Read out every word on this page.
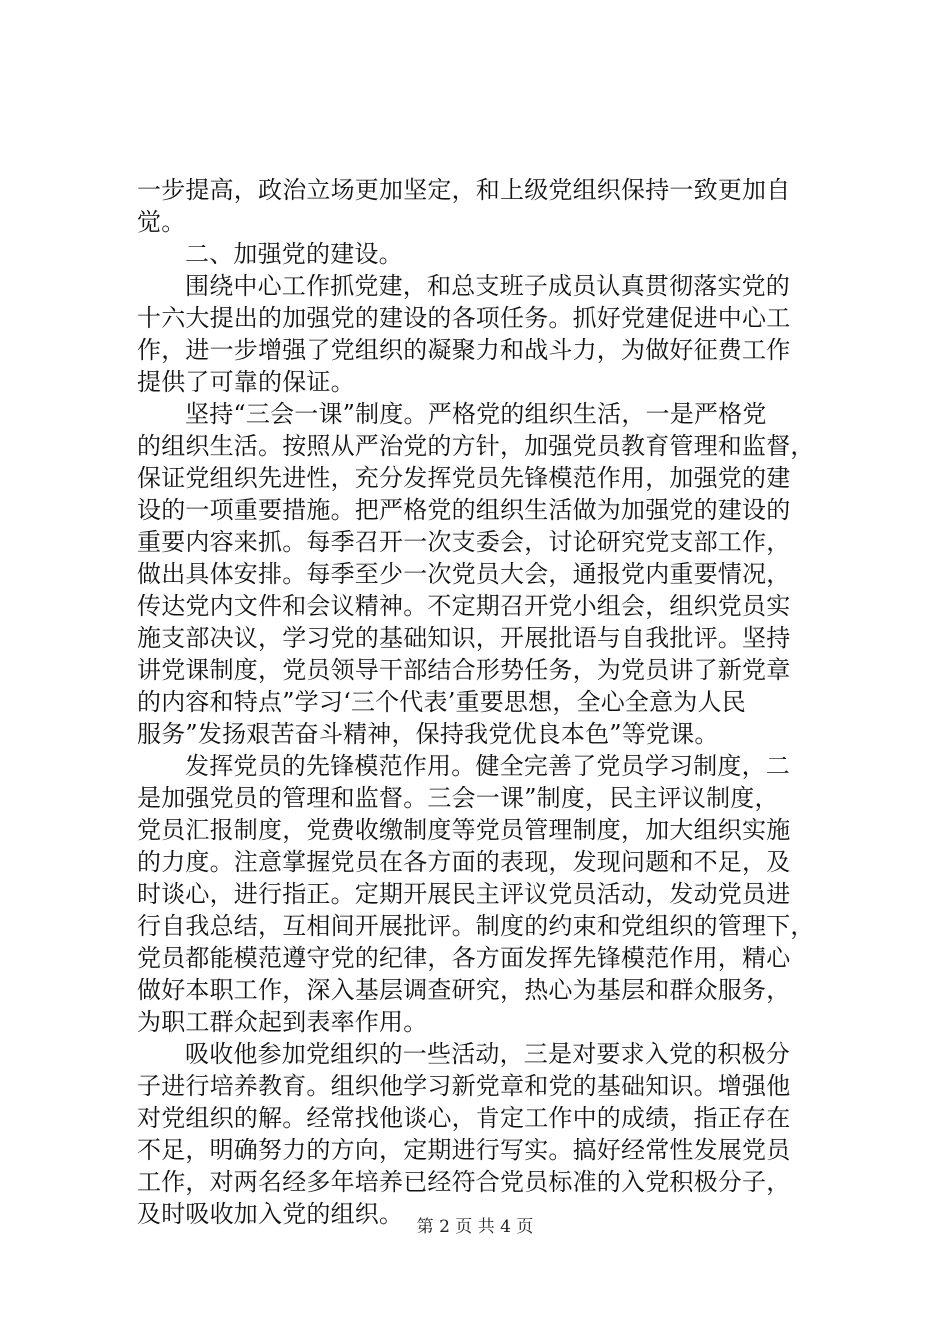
一步提高，政治立场更加坚定，和上级党组织保持一致更加自
觉。
二、加强党的建设。
围绕中心工作抓党建，和总支班子成员认真贯彻落实党的
十六大提出的加强党的建设的各项任务。抓好党建促进中心工
作，进一步增强了党组织的凝聚力和战斗力，为做好征费工作
提供了可靠的保证。
坚持“三会一课”制度。严格党的组织生活，一是严格党
的组织生活。按照从严治党的方针，加强党员教育管理和监督，
保证党组织先进性，充分发挥党员先锋模范作用，加强党的建
设的一项重要措施。把严格党的组织生活做为加强党的建设的
重要内容来抓。每季召开一次支委会，讨论研究党支部工作，
做出具体安排。每季至少一次党员大会，通报党内重要情况，
传达党内文件和会议精神。不定期召开党小组会，组织党员实
施支部决议，学习党的基础知识，开展批语与自我批评。坚持
讲党课制度，党员领导干部结合形势任务，为党员讲了新党章
的内容和特点”学习‘三个代表’重要思想，全心全意为人民
服务”发扬艰苦奋斗精神，保持我党优良本色”等党课。
发挥党员的先锋模范作用。健全完善了党员学习制度，二
是加强党员的管理和监督。三会一课”制度，民主评议制度，
党员汇报制度，党费收缴制度等党员管理制度，加大组织实施
的力度。注意掌握党员在各方面的表现，发现问题和不足，及
时谈心，进行指正。定期开展民主评议党员活动，发动党员进
行自我总结，互相间开展批评。制度的约束和党组织的管理下，
党员都能模范遵守党的纪律，各方面发挥先锋模范作用，精心
做好本职工作，深入基层调查研究，热心为基层和群众服务，
为职工群众起到表率作用。
吸收他参加党组织的一些活动，三是对要求入党的积极分
子进行培养教育。组织他学习新党章和党的基础知识。增强他
对党组织的解。经常找他谈心，肯定工作中的成绩，指正存在
不足，明确努力的方向，定期进行写实。搞好经常性发展党员
工作，对两名经多年培养已经符合党员标准的入党积极分子，
及时吸收加入党的组织。 第 2 页 共 4 页
